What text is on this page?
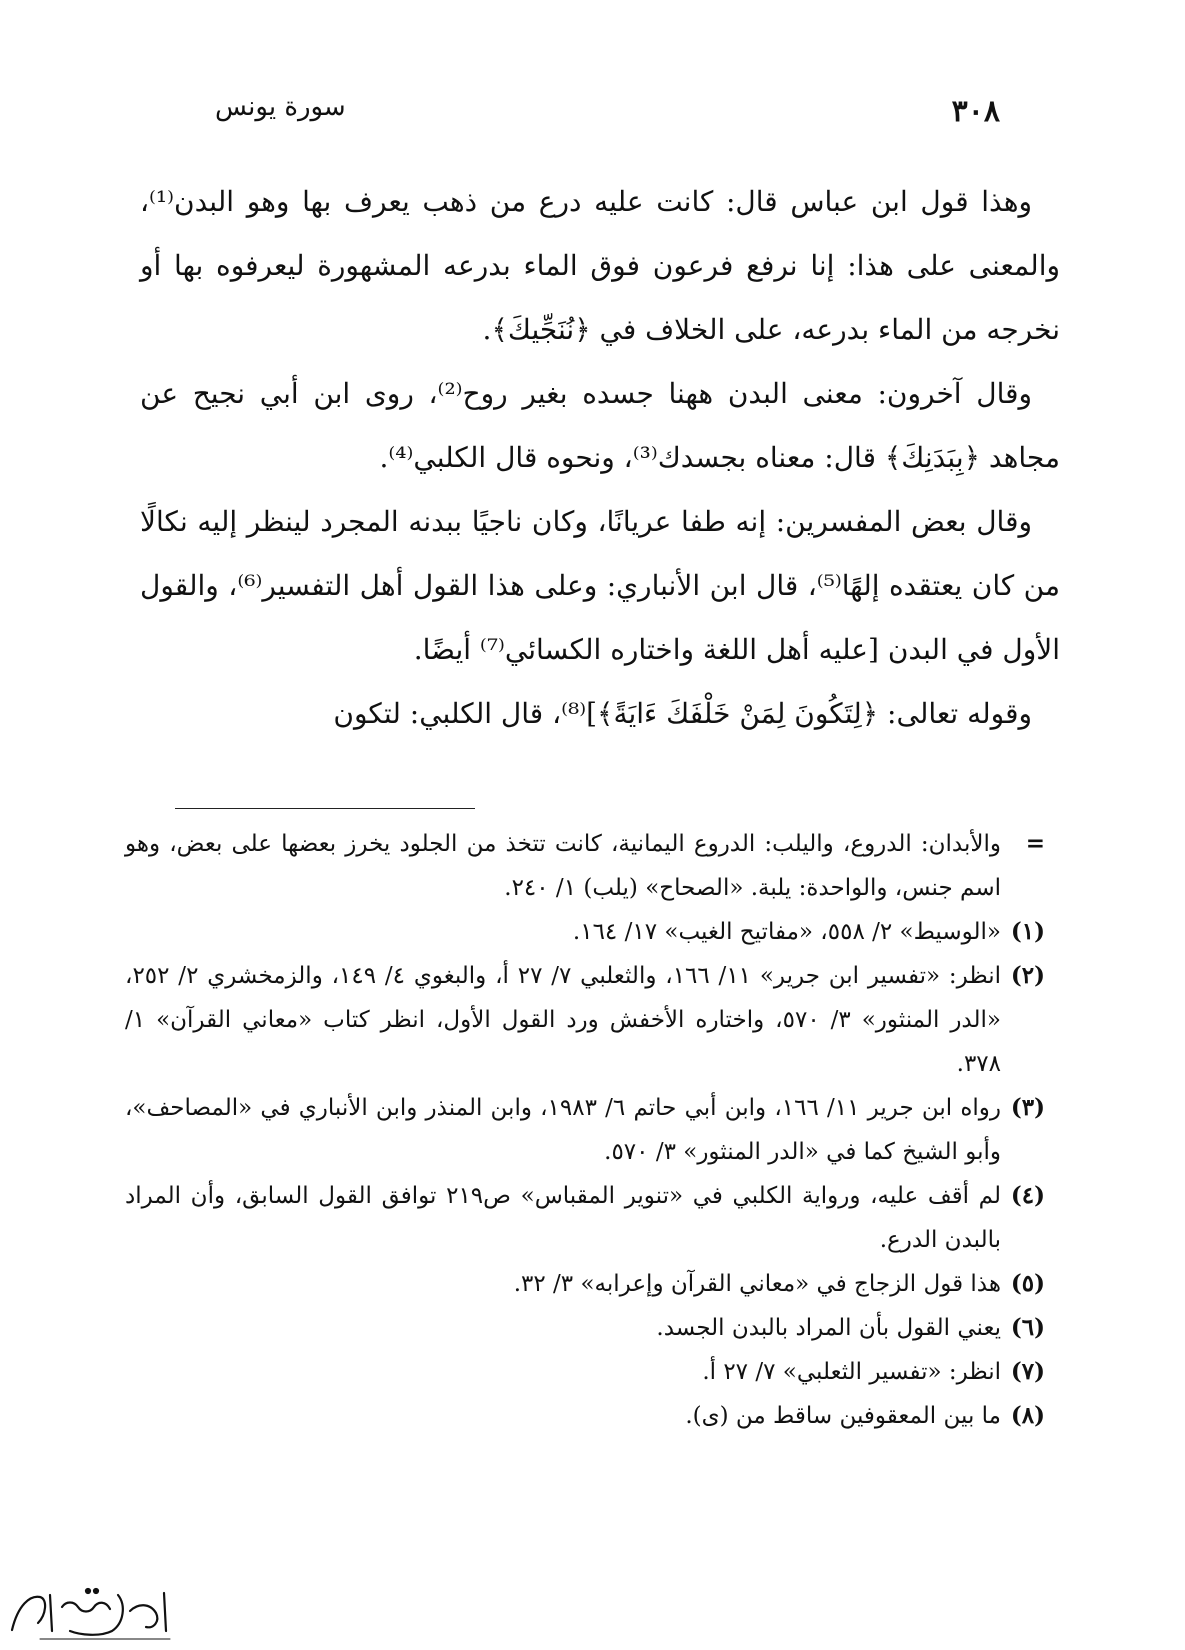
٣٠٨
سورة يونس

وهذا قول ابن عباس قال: كانت عليه درع من ذهب يعرف بها وهو البدن⁽¹⁾، والمعنى على هذا: إنا نرفع فرعون فوق الماء بدرعه المشهورة ليعرفوه بها أو نخرجه من الماء بدرعه، على الخلاف في ﴿نُنَجِّيكَ﴾.

وقال آخرون: معنى البدن ههنا جسده بغير روح⁽²⁾، روى ابن أبي نجيح عن مجاهد ﴿بِبَدَنِكَ﴾ قال: معناه بجسدك⁽³⁾، ونحوه قال الكلبي⁽⁴⁾.

وقال بعض المفسرين: إنه طفا عريانًا، وكان ناجيًا ببدنه المجرد لينظر إليه نكالًا من كان يعتقده إلهًا⁽⁵⁾، قال ابن الأنباري: وعلى هذا القول أهل التفسير⁽⁶⁾، والقول الأول في البدن [عليه أهل اللغة واختاره الكسائي⁽⁷⁾ أيضًا.

وقوله تعالى: ﴿لِتَكُونَ لِمَنْ خَلْفَكَ ءَايَةً﴾]⁽⁸⁾، قال الكلبي: لتكون

=
والأبدان: الدروع، واليلب: الدروع اليمانية، كانت تتخذ من الجلود يخرز بعضها على بعض، وهو اسم جنس، والواحدة: يلبة. «الصحاح» (يلب) ١/ ٢٤٠.
(١)
«الوسيط» ٢/ ٥٥٨، «مفاتيح الغيب» ١٧/ ١٦٤.
(٢)
انظر: «تفسير ابن جرير» ١١/ ١٦٦، والثعلبي ٧/ ٢٧ أ، والبغوي ٤/ ١٤٩، والزمخشري ٢/ ٢٥٢، «الدر المنثور» ٣/ ٥٧٠، واختاره الأخفش ورد القول الأول، انظر كتاب «معاني القرآن» ١/ ٣٧٨.
(٣)
رواه ابن جرير ١١/ ١٦٦، وابن أبي حاتم ٦/ ١٩٨٣، وابن المنذر وابن الأنباري في «المصاحف»، وأبو الشيخ كما في «الدر المنثور» ٣/ ٥٧٠.
(٤)
لم أقف عليه، ورواية الكلبي في «تنوير المقباس» ص٢١٩ توافق القول السابق، وأن المراد بالبدن الدرع.
(٥)
هذا قول الزجاج في «معاني القرآن وإعرابه» ٣/ ٣٢.
(٦)
يعني القول بأن المراد بالبدن الجسد.
(٧)
انظر: «تفسير الثعلبي» ٧/ ٢٧ أ.
(٨)
ما بين المعقوفين ساقط من (ى).
